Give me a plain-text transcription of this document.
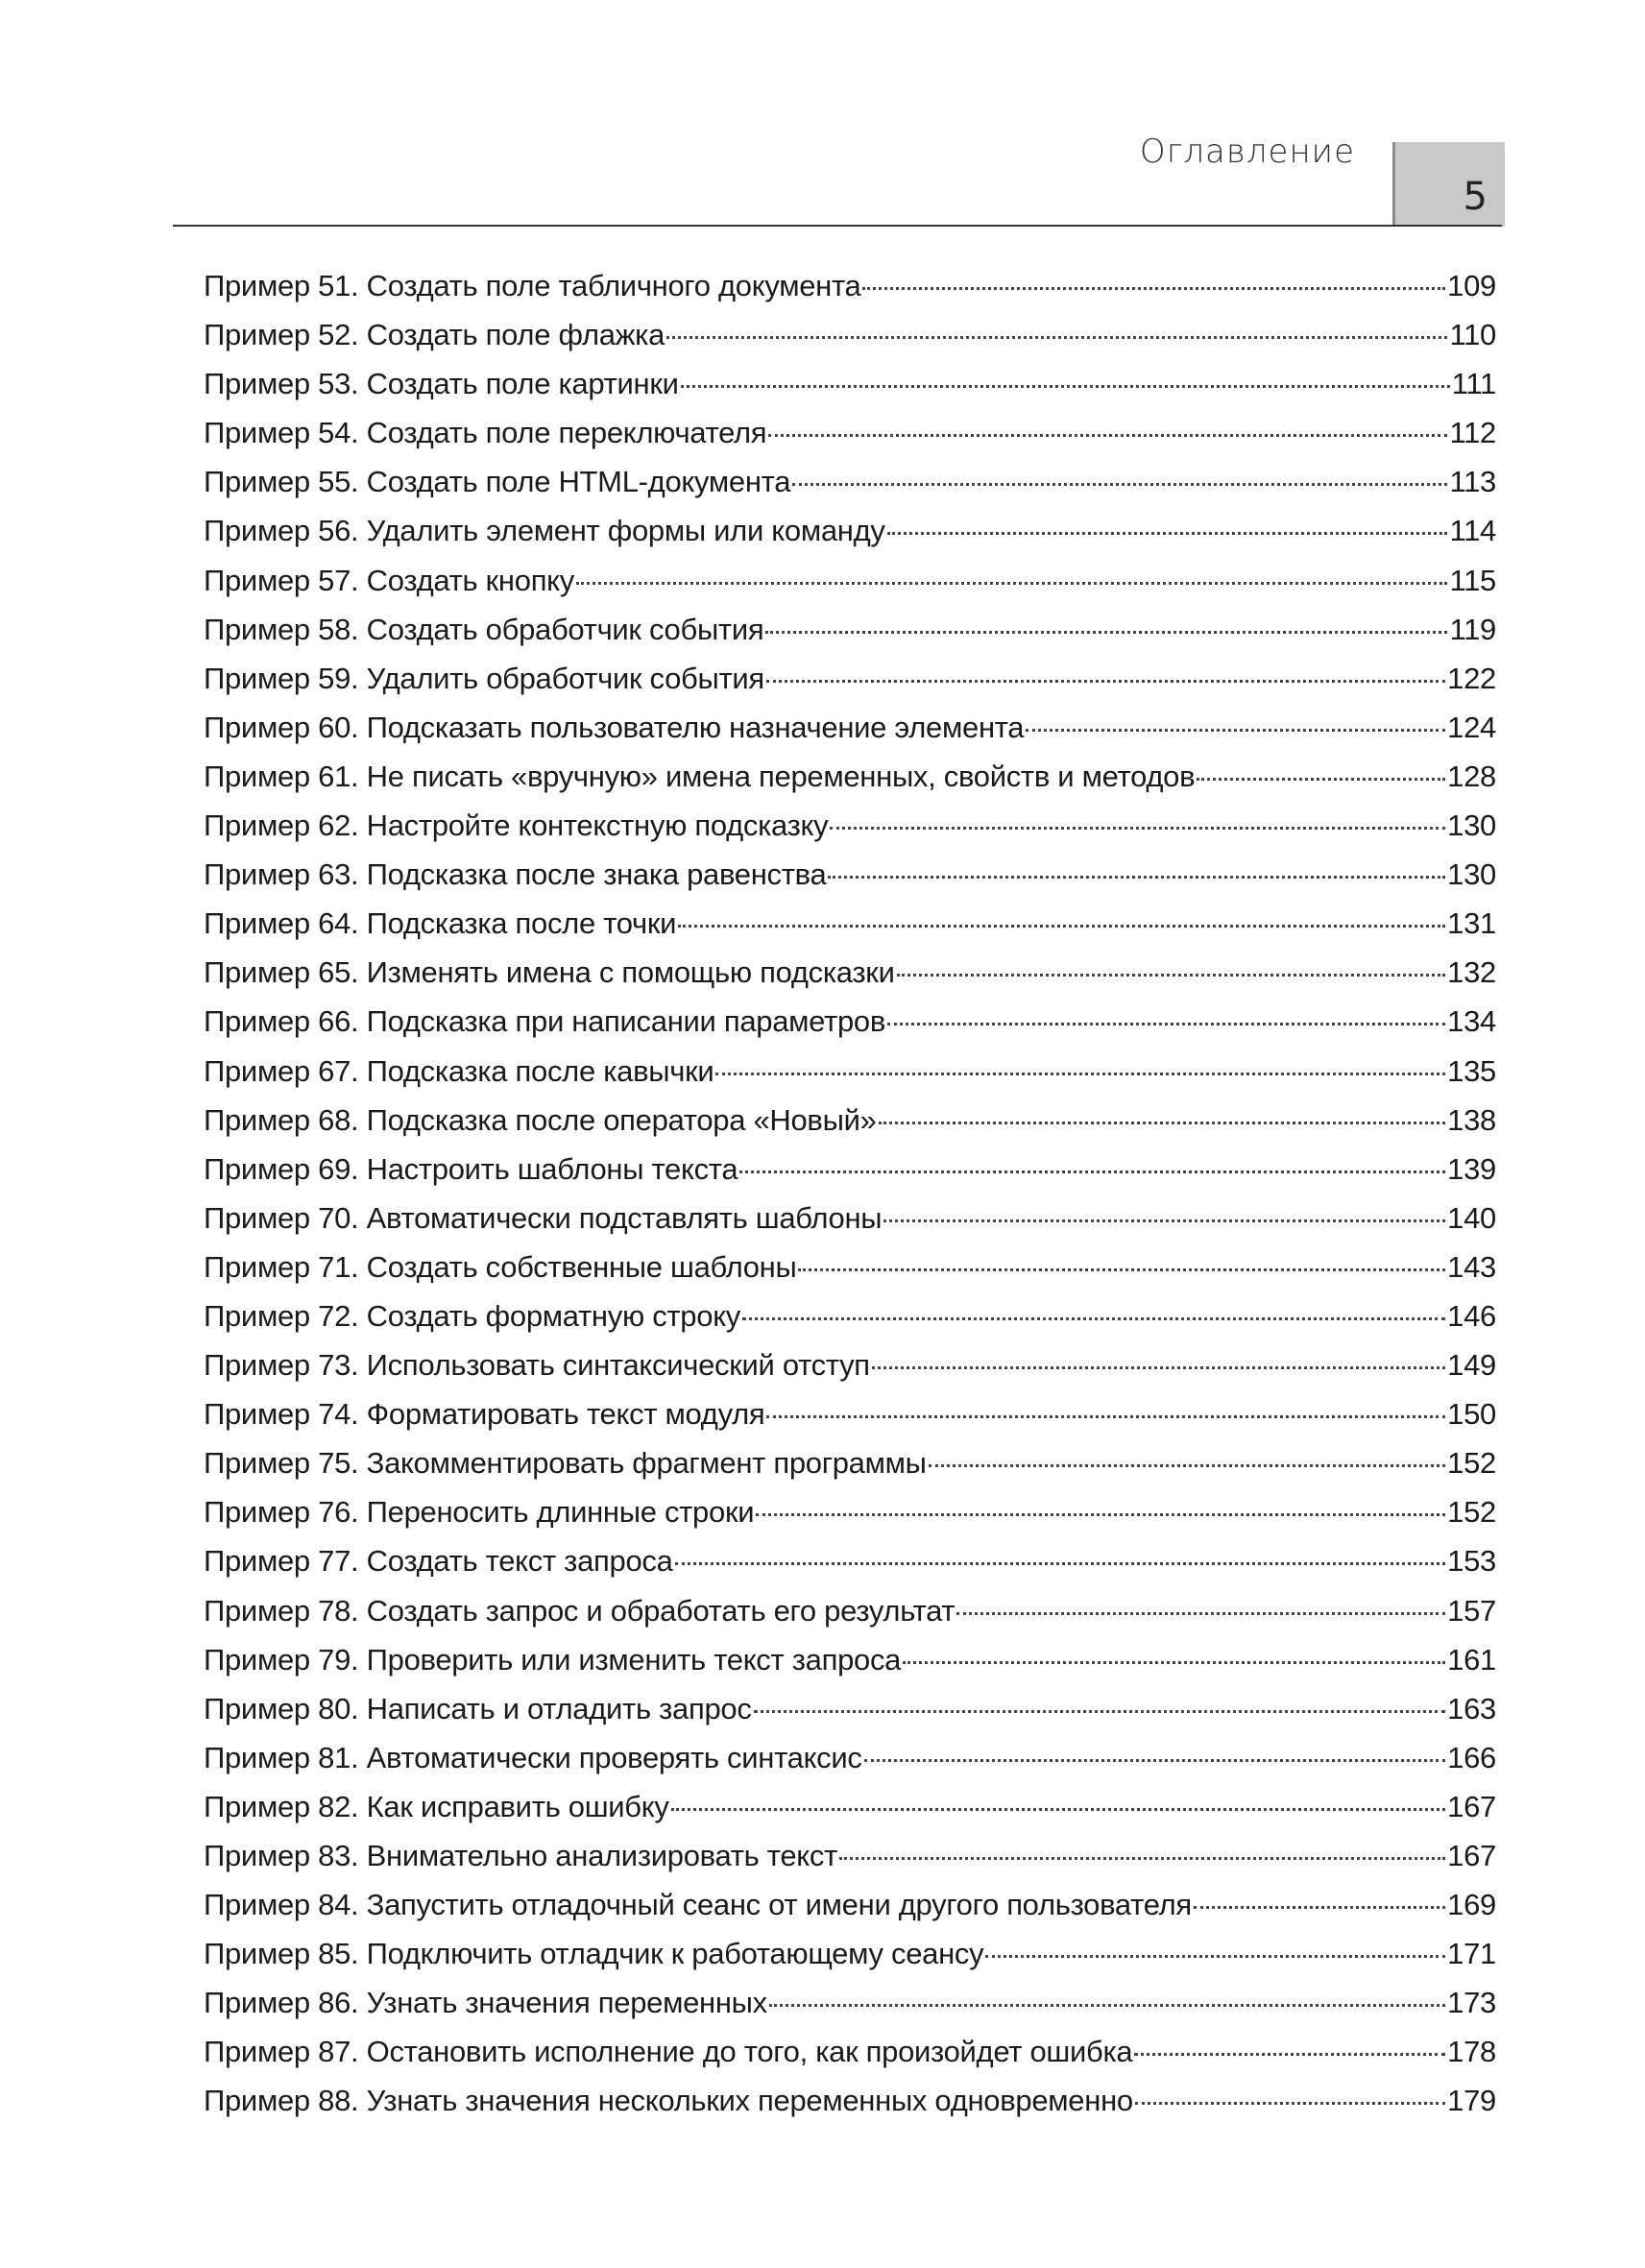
Оглавление
5
Пример 51. Создать поле табличного документа	109
Пример 52. Создать поле флажка	110
Пример 53. Создать поле картинки	111
Пример 54. Создать поле переключателя	112
Пример 55. Создать поле HTML-документа	113
Пример 56. Удалить элемент формы или команду	114
Пример 57. Создать кнопку	115
Пример 58. Создать обработчик события	119
Пример 59. Удалить обработчик события	122
Пример 60. Подсказать пользователю назначение элемента	124
Пример 61. Не писать «вручную» имена переменных, свойств и методов	128
Пример 62. Настройте контекстную подсказку	130
Пример 63. Подсказка после знака равенства	130
Пример 64. Подсказка после точки	131
Пример 65. Изменять имена с помощью подсказки	132
Пример 66. Подсказка при написании параметров	134
Пример 67. Подсказка после кавычки	135
Пример 68. Подсказка после оператора «Новый»	138
Пример 69. Настроить шаблоны текста	139
Пример 70. Автоматически подставлять шаблоны	140
Пример 71. Создать собственные шаблоны	143
Пример 72. Создать форматную строку	146
Пример 73. Использовать синтаксический отступ	149
Пример 74. Форматировать текст модуля	150
Пример 75. Закомментировать фрагмент программы	152
Пример 76. Переносить длинные строки	152
Пример 77. Создать текст запроса	153
Пример 78. Создать запрос и обработать его результат	157
Пример 79. Проверить или изменить текст запроса	161
Пример 80. Написать и отладить запрос	163
Пример 81. Автоматически проверять синтаксис	166
Пример 82. Как исправить ошибку	167
Пример 83. Внимательно анализировать текст	167
Пример 84. Запустить отладочный сеанс от имени другого пользователя	169
Пример 85. Подключить отладчик к работающему сеансу	171
Пример 86. Узнать значения переменных	173
Пример 87. Остановить исполнение до того, как произойдет ошибка	178
Пример 88. Узнать значения нескольких переменных одновременно	179
